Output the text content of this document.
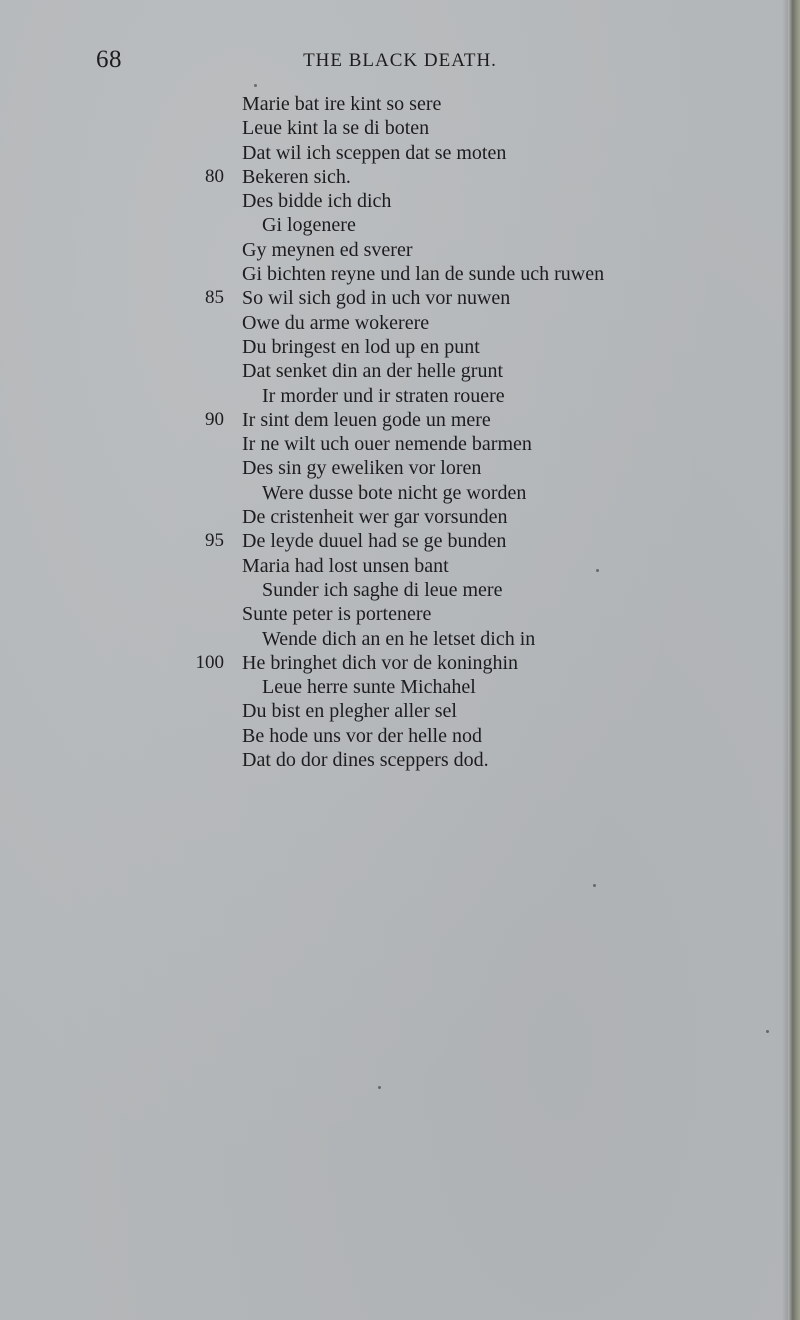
68	THE BLACK DEATH.
Marie bat ire kint so sere
Leue kint la se di boten
Dat wil ich sceppen dat se moten
80 Bekeren sich.
Des bidde ich dich
Gi logenere
Gy meynen ed sverer
Gi bichten reyne und lan de sunde uch ruwen
85 So wil sich god in uch vor nuwen
Owe du arme wokerere
Du bringest en lod up en punt
Dat senket din an der helle grunt
Ir morder und ir straten rouere
90 Ir sint dem leuen gode un mere
Ir ne wilt uch ouer nemende barmen
Des sin gy eweliken vor loren
Were dusse bote nicht ge worden
De cristenheit wer gar vorsunden
95 De leyde duuel had se ge bunden
Maria had lost unsen bant
Sunder ich saghe di leue mere
Sunte peter is portenere
Wende dich an en he letset dich in
100 He bringhet dich vor de koninghin
Leue herre sunte Michahel
Du bist en plegher aller sel
Be hode uns vor der helle nod
Dat do dor dines sceppers dod.
